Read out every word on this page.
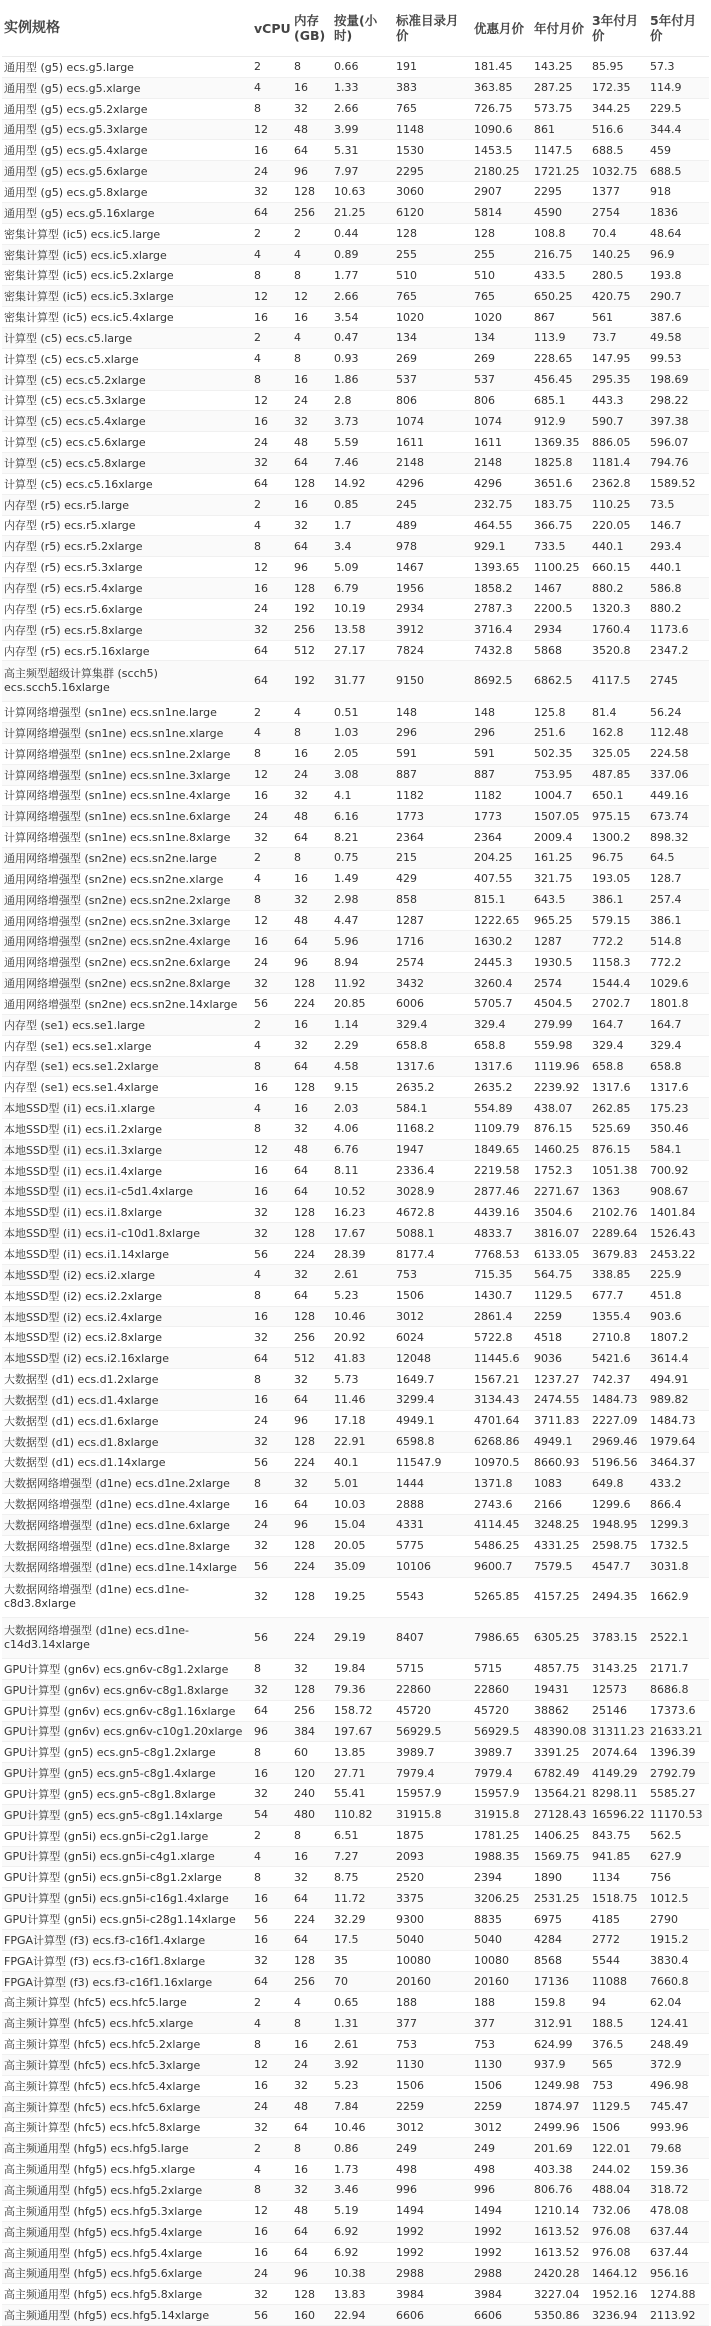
实例规格	vCPU	内存(GB)	按量(小时)	标准目录月价	优惠月价	年付月价	3年付月价	5年付月价
通用型 (g5) ecs.g5.large	2	8	0.66	191	181.45	143.25	85.95	57.3
通用型 (g5) ecs.g5.xlarge	4	16	1.33	383	363.85	287.25	172.35	114.9
通用型 (g5) ecs.g5.2xlarge	8	32	2.66	765	726.75	573.75	344.25	229.5
通用型 (g5) ecs.g5.3xlarge	12	48	3.99	1148	1090.6	861	516.6	344.4
通用型 (g5) ecs.g5.4xlarge	16	64	5.31	1530	1453.5	1147.5	688.5	459
通用型 (g5) ecs.g5.6xlarge	24	96	7.97	2295	2180.25	1721.25	1032.75	688.5
通用型 (g5) ecs.g5.8xlarge	32	128	10.63	3060	2907	2295	1377	918
通用型 (g5) ecs.g5.16xlarge	64	256	21.25	6120	5814	4590	2754	1836
密集计算型 (ic5) ecs.ic5.large	2	2	0.44	128	128	108.8	70.4	48.64
密集计算型 (ic5) ecs.ic5.xlarge	4	4	0.89	255	255	216.75	140.25	96.9
密集计算型 (ic5) ecs.ic5.2xlarge	8	8	1.77	510	510	433.5	280.5	193.8
密集计算型 (ic5) ecs.ic5.3xlarge	12	12	2.66	765	765	650.25	420.75	290.7
密集计算型 (ic5) ecs.ic5.4xlarge	16	16	3.54	1020	1020	867	561	387.6
计算型 (c5) ecs.c5.large	2	4	0.47	134	134	113.9	73.7	49.58
计算型 (c5) ecs.c5.xlarge	4	8	0.93	269	269	228.65	147.95	99.53
计算型 (c5) ecs.c5.2xlarge	8	16	1.86	537	537	456.45	295.35	198.69
计算型 (c5) ecs.c5.3xlarge	12	24	2.8	806	806	685.1	443.3	298.22
计算型 (c5) ecs.c5.4xlarge	16	32	3.73	1074	1074	912.9	590.7	397.38
计算型 (c5) ecs.c5.6xlarge	24	48	5.59	1611	1611	1369.35	886.05	596.07
计算型 (c5) ecs.c5.8xlarge	32	64	7.46	2148	2148	1825.8	1181.4	794.76
计算型 (c5) ecs.c5.16xlarge	64	128	14.92	4296	4296	3651.6	2362.8	1589.52
内存型 (r5) ecs.r5.large	2	16	0.85	245	232.75	183.75	110.25	73.5
内存型 (r5) ecs.r5.xlarge	4	32	1.7	489	464.55	366.75	220.05	146.7
内存型 (r5) ecs.r5.2xlarge	8	64	3.4	978	929.1	733.5	440.1	293.4
内存型 (r5) ecs.r5.3xlarge	12	96	5.09	1467	1393.65	1100.25	660.15	440.1
内存型 (r5) ecs.r5.4xlarge	16	128	6.79	1956	1858.2	1467	880.2	586.8
内存型 (r5) ecs.r5.6xlarge	24	192	10.19	2934	2787.3	2200.5	1320.3	880.2
内存型 (r5) ecs.r5.8xlarge	32	256	13.58	3912	3716.4	2934	1760.4	1173.6
内存型 (r5) ecs.r5.16xlarge	64	512	27.17	7824	7432.8	5868	3520.8	2347.2
高主频型超级计算集群 (scch5) ecs.scch5.16xlarge	64	192	31.77	9150	8692.5	6862.5	4117.5	2745
计算网络增强型 (sn1ne) ecs.sn1ne.large	2	4	0.51	148	148	125.8	81.4	56.24
计算网络增强型 (sn1ne) ecs.sn1ne.xlarge	4	8	1.03	296	296	251.6	162.8	112.48
计算网络增强型 (sn1ne) ecs.sn1ne.2xlarge	8	16	2.05	591	591	502.35	325.05	224.58
计算网络增强型 (sn1ne) ecs.sn1ne.3xlarge	12	24	3.08	887	887	753.95	487.85	337.06
计算网络增强型 (sn1ne) ecs.sn1ne.4xlarge	16	32	4.1	1182	1182	1004.7	650.1	449.16
计算网络增强型 (sn1ne) ecs.sn1ne.6xlarge	24	48	6.16	1773	1773	1507.05	975.15	673.74
计算网络增强型 (sn1ne) ecs.sn1ne.8xlarge	32	64	8.21	2364	2364	2009.4	1300.2	898.32
通用网络增强型 (sn2ne) ecs.sn2ne.large	2	8	0.75	215	204.25	161.25	96.75	64.5
通用网络增强型 (sn2ne) ecs.sn2ne.xlarge	4	16	1.49	429	407.55	321.75	193.05	128.7
通用网络增强型 (sn2ne) ecs.sn2ne.2xlarge	8	32	2.98	858	815.1	643.5	386.1	257.4
通用网络增强型 (sn2ne) ecs.sn2ne.3xlarge	12	48	4.47	1287	1222.65	965.25	579.15	386.1
通用网络增强型 (sn2ne) ecs.sn2ne.4xlarge	16	64	5.96	1716	1630.2	1287	772.2	514.8
通用网络增强型 (sn2ne) ecs.sn2ne.6xlarge	24	96	8.94	2574	2445.3	1930.5	1158.3	772.2
通用网络增强型 (sn2ne) ecs.sn2ne.8xlarge	32	128	11.92	3432	3260.4	2574	1544.4	1029.6
通用网络增强型 (sn2ne) ecs.sn2ne.14xlarge	56	224	20.85	6006	5705.7	4504.5	2702.7	1801.8
内存型 (se1) ecs.se1.large	2	16	1.14	329.4	329.4	279.99	164.7	164.7
内存型 (se1) ecs.se1.xlarge	4	32	2.29	658.8	658.8	559.98	329.4	329.4
内存型 (se1) ecs.se1.2xlarge	8	64	4.58	1317.6	1317.6	1119.96	658.8	658.8
内存型 (se1) ecs.se1.4xlarge	16	128	9.15	2635.2	2635.2	2239.92	1317.6	1317.6
本地SSD型 (i1) ecs.i1.xlarge	4	16	2.03	584.1	554.89	438.07	262.85	175.23
本地SSD型 (i1) ecs.i1.2xlarge	8	32	4.06	1168.2	1109.79	876.15	525.69	350.46
本地SSD型 (i1) ecs.i1.3xlarge	12	48	6.76	1947	1849.65	1460.25	876.15	584.1
本地SSD型 (i1) ecs.i1.4xlarge	16	64	8.11	2336.4	2219.58	1752.3	1051.38	700.92
本地SSD型 (i1) ecs.i1-c5d1.4xlarge	16	64	10.52	3028.9	2877.46	2271.67	1363	908.67
本地SSD型 (i1) ecs.i1.8xlarge	32	128	16.23	4672.8	4439.16	3504.6	2102.76	1401.84
本地SSD型 (i1) ecs.i1-c10d1.8xlarge	32	128	17.67	5088.1	4833.7	3816.07	2289.64	1526.43
本地SSD型 (i1) ecs.i1.14xlarge	56	224	28.39	8177.4	7768.53	6133.05	3679.83	2453.22
本地SSD型 (i2) ecs.i2.xlarge	4	32	2.61	753	715.35	564.75	338.85	225.9
本地SSD型 (i2) ecs.i2.2xlarge	8	64	5.23	1506	1430.7	1129.5	677.7	451.8
本地SSD型 (i2) ecs.i2.4xlarge	16	128	10.46	3012	2861.4	2259	1355.4	903.6
本地SSD型 (i2) ecs.i2.8xlarge	32	256	20.92	6024	5722.8	4518	2710.8	1807.2
本地SSD型 (i2) ecs.i2.16xlarge	64	512	41.83	12048	11445.6	9036	5421.6	3614.4
大数据型 (d1) ecs.d1.2xlarge	8	32	5.73	1649.7	1567.21	1237.27	742.37	494.91
大数据型 (d1) ecs.d1.4xlarge	16	64	11.46	3299.4	3134.43	2474.55	1484.73	989.82
大数据型 (d1) ecs.d1.6xlarge	24	96	17.18	4949.1	4701.64	3711.83	2227.09	1484.73
大数据型 (d1) ecs.d1.8xlarge	32	128	22.91	6598.8	6268.86	4949.1	2969.46	1979.64
大数据型 (d1) ecs.d1.14xlarge	56	224	40.1	11547.9	10970.5	8660.93	5196.56	3464.37
大数据网络增强型 (d1ne) ecs.d1ne.2xlarge	8	32	5.01	1444	1371.8	1083	649.8	433.2
大数据网络增强型 (d1ne) ecs.d1ne.4xlarge	16	64	10.03	2888	2743.6	2166	1299.6	866.4
大数据网络增强型 (d1ne) ecs.d1ne.6xlarge	24	96	15.04	4331	4114.45	3248.25	1948.95	1299.3
大数据网络增强型 (d1ne) ecs.d1ne.8xlarge	32	128	20.05	5775	5486.25	4331.25	2598.75	1732.5
大数据网络增强型 (d1ne) ecs.d1ne.14xlarge	56	224	35.09	10106	9600.7	7579.5	4547.7	3031.8
大数据网络增强型 (d1ne) ecs.d1ne-c8d3.8xlarge	32	128	19.25	5543	5265.85	4157.25	2494.35	1662.9
大数据网络增强型 (d1ne) ecs.d1ne-c14d3.14xlarge	56	224	29.19	8407	7986.65	6305.25	3783.15	2522.1
GPU计算型 (gn6v) ecs.gn6v-c8g1.2xlarge	8	32	19.84	5715	5715	4857.75	3143.25	2171.7
GPU计算型 (gn6v) ecs.gn6v-c8g1.8xlarge	32	128	79.36	22860	22860	19431	12573	8686.8
GPU计算型 (gn6v) ecs.gn6v-c8g1.16xlarge	64	256	158.72	45720	45720	38862	25146	17373.6
GPU计算型 (gn6v) ecs.gn6v-c10g1.20xlarge	96	384	197.67	56929.5	56929.5	48390.08	31311.23	21633.21
GPU计算型 (gn5) ecs.gn5-c8g1.2xlarge	8	60	13.85	3989.7	3989.7	3391.25	2074.64	1396.39
GPU计算型 (gn5) ecs.gn5-c8g1.4xlarge	16	120	27.71	7979.4	7979.4	6782.49	4149.29	2792.79
GPU计算型 (gn5) ecs.gn5-c8g1.8xlarge	32	240	55.41	15957.9	15957.9	13564.21	8298.11	5585.27
GPU计算型 (gn5) ecs.gn5-c8g1.14xlarge	54	480	110.82	31915.8	31915.8	27128.43	16596.22	11170.53
GPU计算型 (gn5i) ecs.gn5i-c2g1.large	2	8	6.51	1875	1781.25	1406.25	843.75	562.5
GPU计算型 (gn5i) ecs.gn5i-c4g1.xlarge	4	16	7.27	2093	1988.35	1569.75	941.85	627.9
GPU计算型 (gn5i) ecs.gn5i-c8g1.2xlarge	8	32	8.75	2520	2394	1890	1134	756
GPU计算型 (gn5i) ecs.gn5i-c16g1.4xlarge	16	64	11.72	3375	3206.25	2531.25	1518.75	1012.5
GPU计算型 (gn5i) ecs.gn5i-c28g1.14xlarge	56	224	32.29	9300	8835	6975	4185	2790
FPGA计算型 (f3) ecs.f3-c16f1.4xlarge	16	64	17.5	5040	5040	4284	2772	1915.2
FPGA计算型 (f3) ecs.f3-c16f1.8xlarge	32	128	35	10080	10080	8568	5544	3830.4
FPGA计算型 (f3) ecs.f3-c16f1.16xlarge	64	256	70	20160	20160	17136	11088	7660.8
高主频计算型 (hfc5) ecs.hfc5.large	2	4	0.65	188	188	159.8	94	62.04
高主频计算型 (hfc5) ecs.hfc5.xlarge	4	8	1.31	377	377	312.91	188.5	124.41
高主频计算型 (hfc5) ecs.hfc5.2xlarge	8	16	2.61	753	753	624.99	376.5	248.49
高主频计算型 (hfc5) ecs.hfc5.3xlarge	12	24	3.92	1130	1130	937.9	565	372.9
高主频计算型 (hfc5) ecs.hfc5.4xlarge	16	32	5.23	1506	1506	1249.98	753	496.98
高主频计算型 (hfc5) ecs.hfc5.6xlarge	24	48	7.84	2259	2259	1874.97	1129.5	745.47
高主频计算型 (hfc5) ecs.hfc5.8xlarge	32	64	10.46	3012	3012	2499.96	1506	993.96
高主频通用型 (hfg5) ecs.hfg5.large	2	8	0.86	249	249	201.69	122.01	79.68
高主频通用型 (hfg5) ecs.hfg5.xlarge	4	16	1.73	498	498	403.38	244.02	159.36
高主频通用型 (hfg5) ecs.hfg5.2xlarge	8	32	3.46	996	996	806.76	488.04	318.72
高主频通用型 (hfg5) ecs.hfg5.3xlarge	12	48	5.19	1494	1494	1210.14	732.06	478.08
高主频通用型 (hfg5) ecs.hfg5.4xlarge	16	64	6.92	1992	1992	1613.52	976.08	637.44
高主频通用型 (hfg5) ecs.hfg5.4xlarge	16	64	6.92	1992	1992	1613.52	976.08	637.44
高主频通用型 (hfg5) ecs.hfg5.6xlarge	24	96	10.38	2988	2988	2420.28	1464.12	956.16
高主频通用型 (hfg5) ecs.hfg5.8xlarge	32	128	13.83	3984	3984	3227.04	1952.16	1274.88
高主频通用型 (hfg5) ecs.hfg5.14xlarge	56	160	22.94	6606	6606	5350.86	3236.94	2113.92
